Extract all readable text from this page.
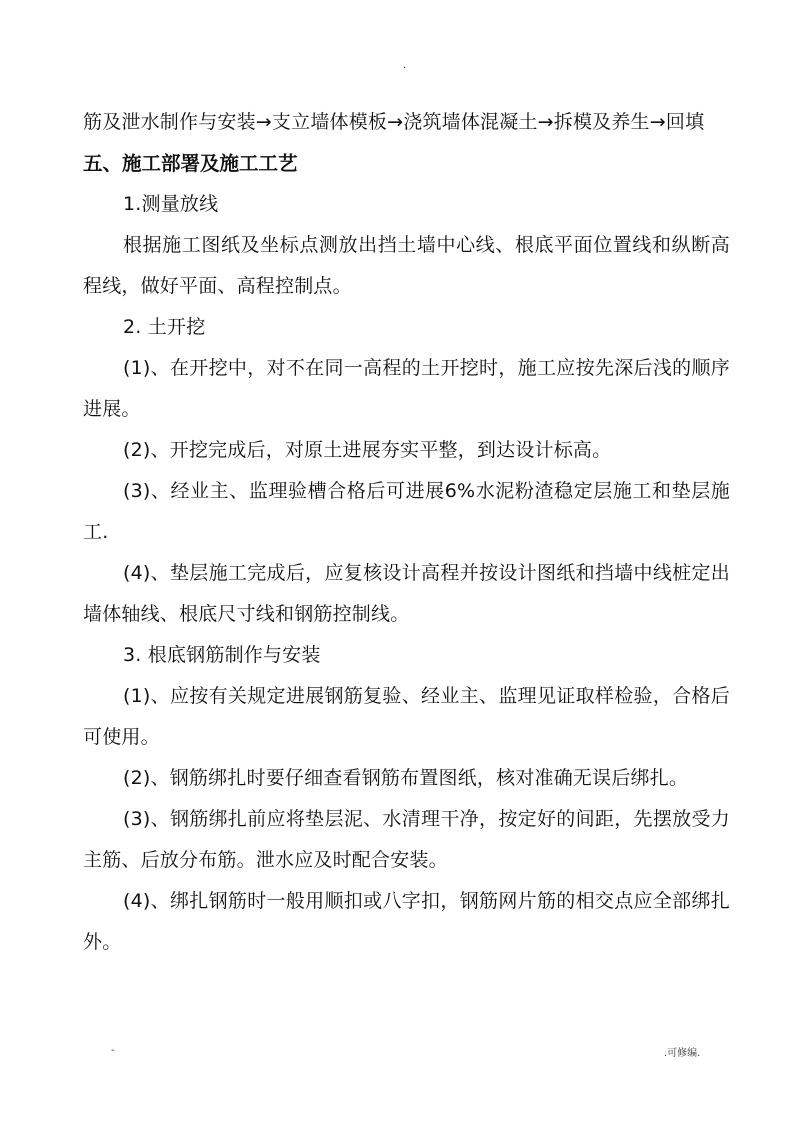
.

筋及泄水制作与安装→支立墙体模板→浇筑墙体混凝土→拆模及养生→回填

五、施工部署及施工工艺

1.测量放线

根据施工图纸及坐标点测放出挡土墙中心线、根底平面位置线和纵断高程线，做好平面、高程控制点。

2. 土开挖

(1)、在开挖中，对不在同一高程的土开挖时，施工应按先深后浅的顺序进展。

(2)、开挖完成后，对原土进展夯实平整，到达设计标高。

(3)、经业主、监理验槽合格后可进展6%水泥粉渣稳定层施工和垫层施工.

(4)、垫层施工完成后，应复核设计高程并按设计图纸和挡墙中线桩定出墙体轴线、根底尺寸线和钢筋控制线。

3. 根底钢筋制作与安装

(1)、应按有关规定进展钢筋复验、经业主、监理见证取样检验，合格后可使用。

(2)、钢筋绑扎时要仔细查看钢筋布置图纸，核对准确无误后绑扎。

(3)、钢筋绑扎前应将垫层泥、水清理干净，按定好的间距，先摆放受力主筋、后放分布筋。泄水应及时配合安装。

(4)、绑扎钢筋时一般用顺扣或八字扣，钢筋网片筋的相交点应全部绑扎外。

-	.可修编.
